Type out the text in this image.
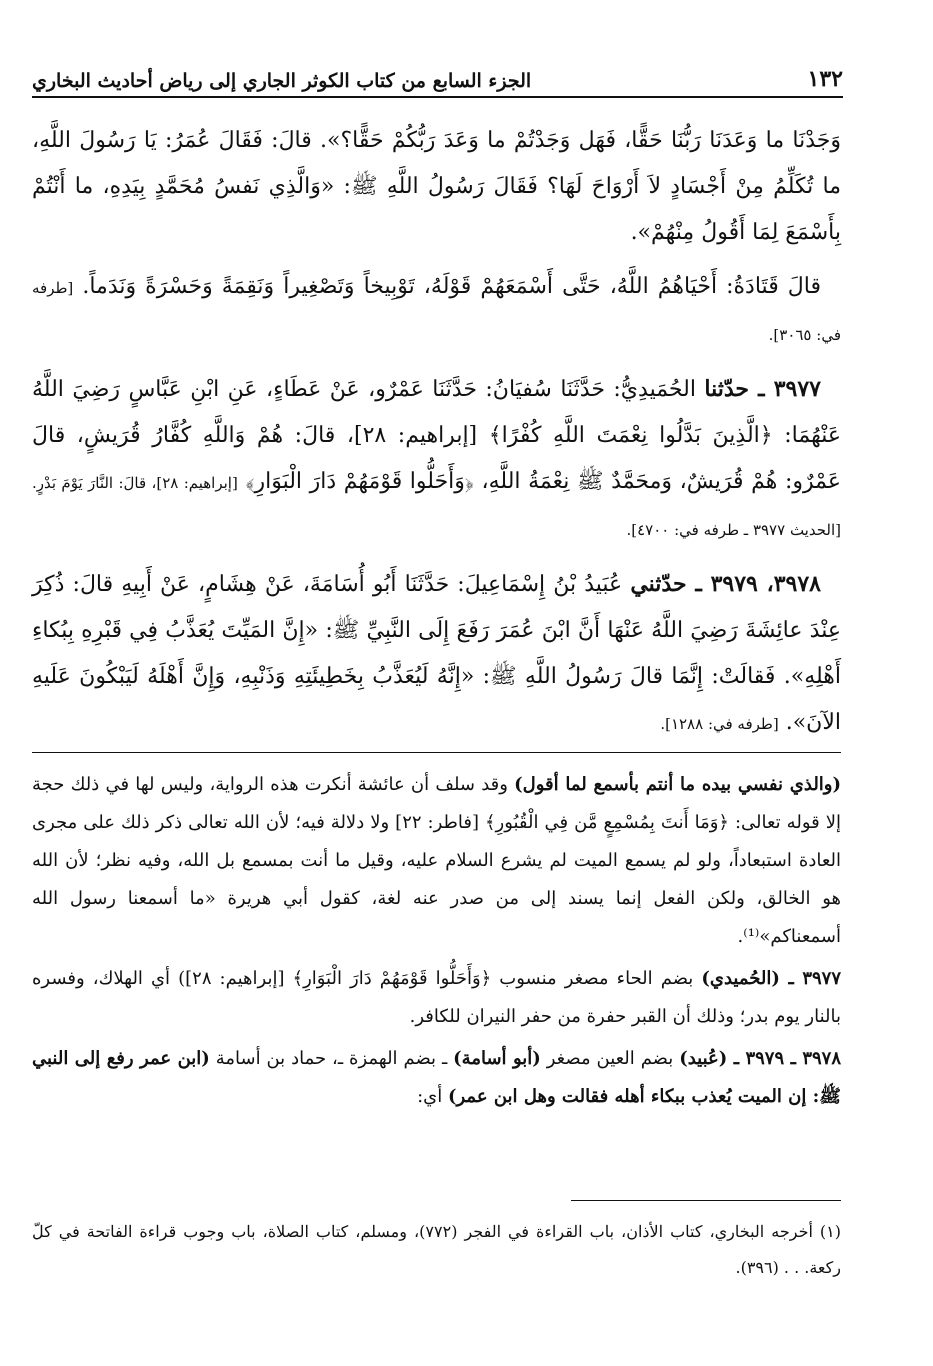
١٣٢
الجزء السابع من كتاب الكوثر الجاري إلى رياض أحاديث البخاري

وَجَدْنَا ما وَعَدَنَا رَبُّنَا حَقًّا، فَهَل وَجَدْتُمْ ما وَعَدَ رَبُّكُمْ حَقًّا؟». قالَ: فَقَالَ عُمَرُ: يَا رَسُولَ اللَّهِ، ما تُكَلِّمُ مِنْ أَجْسَادٍ لاَ أَرْوَاحَ لَهَا؟ فَقَالَ رَسُولُ اللَّهِ ﷺ: «وَالَّذِي نَفسُ مُحَمَّدٍ بِيَدِهِ، ما أَنْتُمْ بِأَسْمَعَ لِمَا أَقُولُ مِنْهُمْ».

قالَ قَتَادَةُ: أَحْيَاهُمُ اللَّهُ، حَتَّى أَسْمَعَهُمْ قَوْلَهُ، تَوْبِيخاً وَتَصْغِيراً وَنَقِمَةً وَحَسْرَةً وَنَدَماً. [طرفه في: ٣٠٦٥].

٣٩٧٧ ـ حدّثنا الحُمَيدِيُّ: حَدَّثَنَا سُفيَانُ: حَدَّثَنَا عَمْرٌو، عَنْ عَطَاءٍ، عَنِ ابْنِ عَبَّاسٍ رَضِيَ اللَّهُ عَنْهُمَا: ﴿الَّذِينَ بَدَّلُوا نِعْمَتَ اللَّهِ كُفْرًا﴾ [إبراهيم: ٢٨]، قالَ: هُمْ وَاللَّهِ كُفَّارُ قُرَيشٍ، قالَ عَمْرٌو: هُمْ قُرَيشٌ، وَمحَمَّدٌ ﷺ نِعْمَةُ اللَّهِ، ﴿وَأَحَلُّوا قَوْمَهُمْ دَارَ الْبَوَارِ﴾ [إبراهيم: ٢٨]، قالَ: النَّارَ يَوْمَ بَدْرٍ. [الحديث ٣٩٧٧ ـ طرفه في: ٤٧٠٠].

٣٩٧٨، ٣٩٧٩ ـ حدّثني عُبَيدُ بْنُ إِسْمَاعِيلَ: حَدَّثَنَا أَبُو أُسَامَةَ، عَنْ هِشَامٍ، عَنْ أَبِيهِ قالَ: ذُكِرَ عِنْدَ عائِشَةَ رَضِيَ اللَّهُ عَنْهَا أَنَّ ابْنَ عُمَرَ رَفَعَ إِلَى النَّبِيِّ ﷺ: «إِنَّ المَيِّتَ يُعَذَّبُ فِي قَبْرِهِ بِبُكاءِ أَهْلِهِ». فَقالَتْ: إِنَّمَا قالَ رَسُولُ اللَّهِ ﷺ: «إِنَّهُ لَيُعَذَّبُ بِخَطِيئَتِهِ وَذَنْبِهِ، وَإِنَّ أَهْلَهُ لَيَبْكُونَ عَلَيهِ الآنَ». [طرفه في: ١٢٨٨].

(والذي نفسي بيده ما أنتم بأسمع لما أقول) وقد سلف أن عائشة أنكرت هذه الرواية، وليس لها في ذلك حجة إلا قوله تعالى: ﴿وَمَا أَنتَ بِمُسْمِعٍ مَّن فِي الْقُبُورِ﴾ [فاطر: ٢٢] ولا دلالة فيه؛ لأن الله تعالى ذكر ذلك على مجرى العادة استبعاداً، ولو لم يسمع الميت لم يشرع السلام عليه، وقيل ما أنت بمسمع بل الله، وفيه نظر؛ لأن الله هو الخالق، ولكن الفعل إنما يسند إلى من صدر عنه لغة، كقول أبي هريرة «ما أسمعنا رسول الله أسمعناكم»⁽¹⁾.

٣٩٧٧ ـ (الحُميدي) بضم الحاء مصغر منسوب ﴿وَأَحَلُّوا قَوْمَهُمْ دَارَ الْبَوَارِ﴾ [إبراهيم: ٢٨]) أي الهلاك، وفسره بالنار يوم بدر؛ وذلك أن القبر حفرة من حفر النيران للكافر.

٣٩٧٨ ـ ٣٩٧٩ ـ (عُبيد) بضم العين مصغر (أبو أسامة) ـ بضم الهمزة ـ، حماد بن أسامة (ابن عمر رفع إلى النبي ﷺ: إن الميت يُعذب ببكاء أهله فقالت وهل ابن عمر) أي:

(١) أخرجه البخاري، كتاب الأذان، باب القراءة في الفجر (٧٧٢)، ومسلم، كتاب الصلاة، باب وجوب قراءة الفاتحة في كلّ ركعة. . . (٣٩٦).
